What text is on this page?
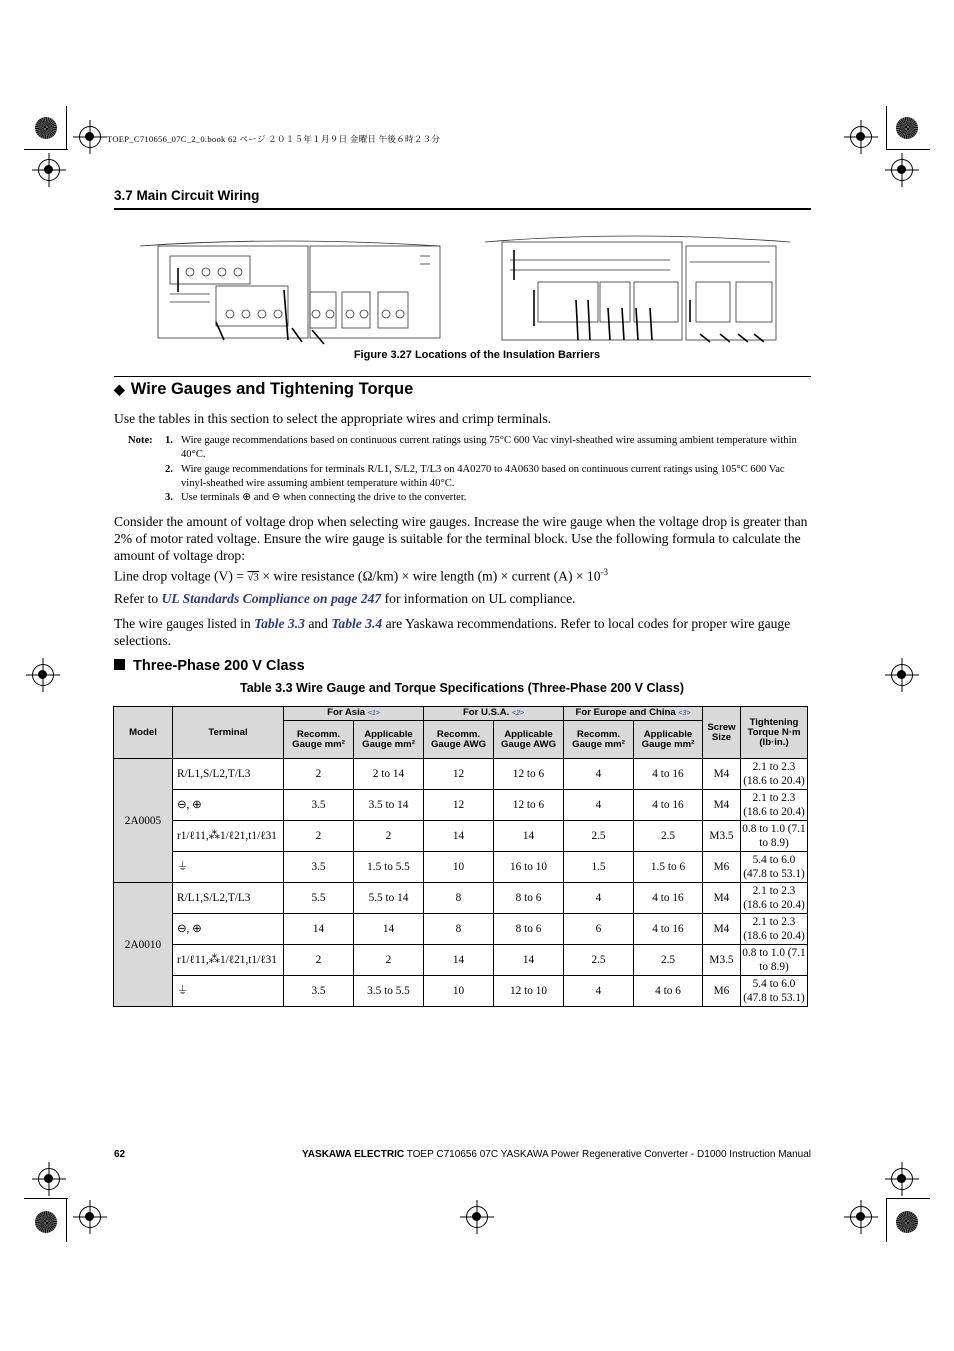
TOEP_C710656_07C_2_0.book 62 ページ ２０１５年１月９日 金曜日 午後６時２３分
3.7 Main Circuit Wiring
Figure 3.27 Locations of the Insulation Barriers
◆ Wire Gauges and Tightening Torque
Use the tables in this section to select the appropriate wires and crimp terminals.
Note: 1. Wire gauge recommendations based on continuous current ratings using 75°C 600 Vac vinyl-sheathed wire assuming ambient temperature within 40°C.
2. Wire gauge recommendations for terminals R/L1, S/L2, T/L3 on 4A0270 to 4A0630 based on continuous current ratings using 105°C 600 Vac vinyl-sheathed wire assuming ambient temperature within 40°C.
3. Use terminals ⊕ and ⊖ when connecting the drive to the converter.
Consider the amount of voltage drop when selecting wire gauges. Increase the wire gauge when the voltage drop is greater than 2% of motor rated voltage. Ensure the wire gauge is suitable for the terminal block. Use the following formula to calculate the amount of voltage drop:
Line drop voltage (V) = √3 × wire resistance (Ω/km) × wire length (m) × current $(A) \times 10^{-3}$
Refer to UL Standards Compliance on page 247 for information on UL compliance.
The wire gauges listed in Table 3.3 and Table 3.4 are Yaskawa recommendations. Refer to local codes for proper wire gauge selections.
Three-Phase 200 V Class
Table 3.3 Wire Gauge and Torque Specifications (Three-Phase 200 V Class)
Model	Terminal	For Asia <1>		For U.S.A. <2>		For Europe and China <3>		Screw Size	Tightening Torque N·m (lb·in.)
		Recomm. Gauge mm²	Applicable Gauge mm²	Recomm. Gauge AWG	Applicable Gauge AWG	Recomm. Gauge mm²	Applicable Gauge mm²		
2A0005	R/L1,S/L2,T/L3	2	2 to 14	12	12 to 6	4	4 to 16	M4	2.1 to 2.3 (18.6 to 20.4)
	⊖, ⊕	3.5	3.5 to 14	12	12 to 6	4	4 to 16	M4	2.1 to 2.3 (18.6 to 20.4)
	r1/ℓ11,⁂1/ℓ21,t1/ℓ31	2	2	14	14	2.5	2.5	M3.5	0.8 to 1.0 (7.1 to 8.9)
	⏚	3.5	1.5 to 5.5	10	16 to 10	1.5	1.5 to 6	M6	5.4 to 6.0 (47.8 to 53.1)
2A0010	R/L1,S/L2,T/L3	5.5	5.5 to 14	8	8 to 6	4	4 to 16	M4	2.1 to 2.3 (18.6 to 20.4)
	⊖, ⊕	14	14	8	8 to 6	6	4 to 16	M4	2.1 to 2.3 (18.6 to 20.4)
	r1/ℓ11,⁂1/ℓ21,t1/ℓ31	2	2	14	14	2.5	2.5	M3.5	0.8 to 1.0 (7.1 to 8.9)
	⏚	3.5	3.5 to 5.5	10	12 to 10	4	4 to 6	M6	5.4 to 6.0 (47.8 to 53.1)
62	YASKAWA ELECTRIC TOEP C710656 07C YASKAWA Power Regenerative Converter - D1000 Instruction Manual
